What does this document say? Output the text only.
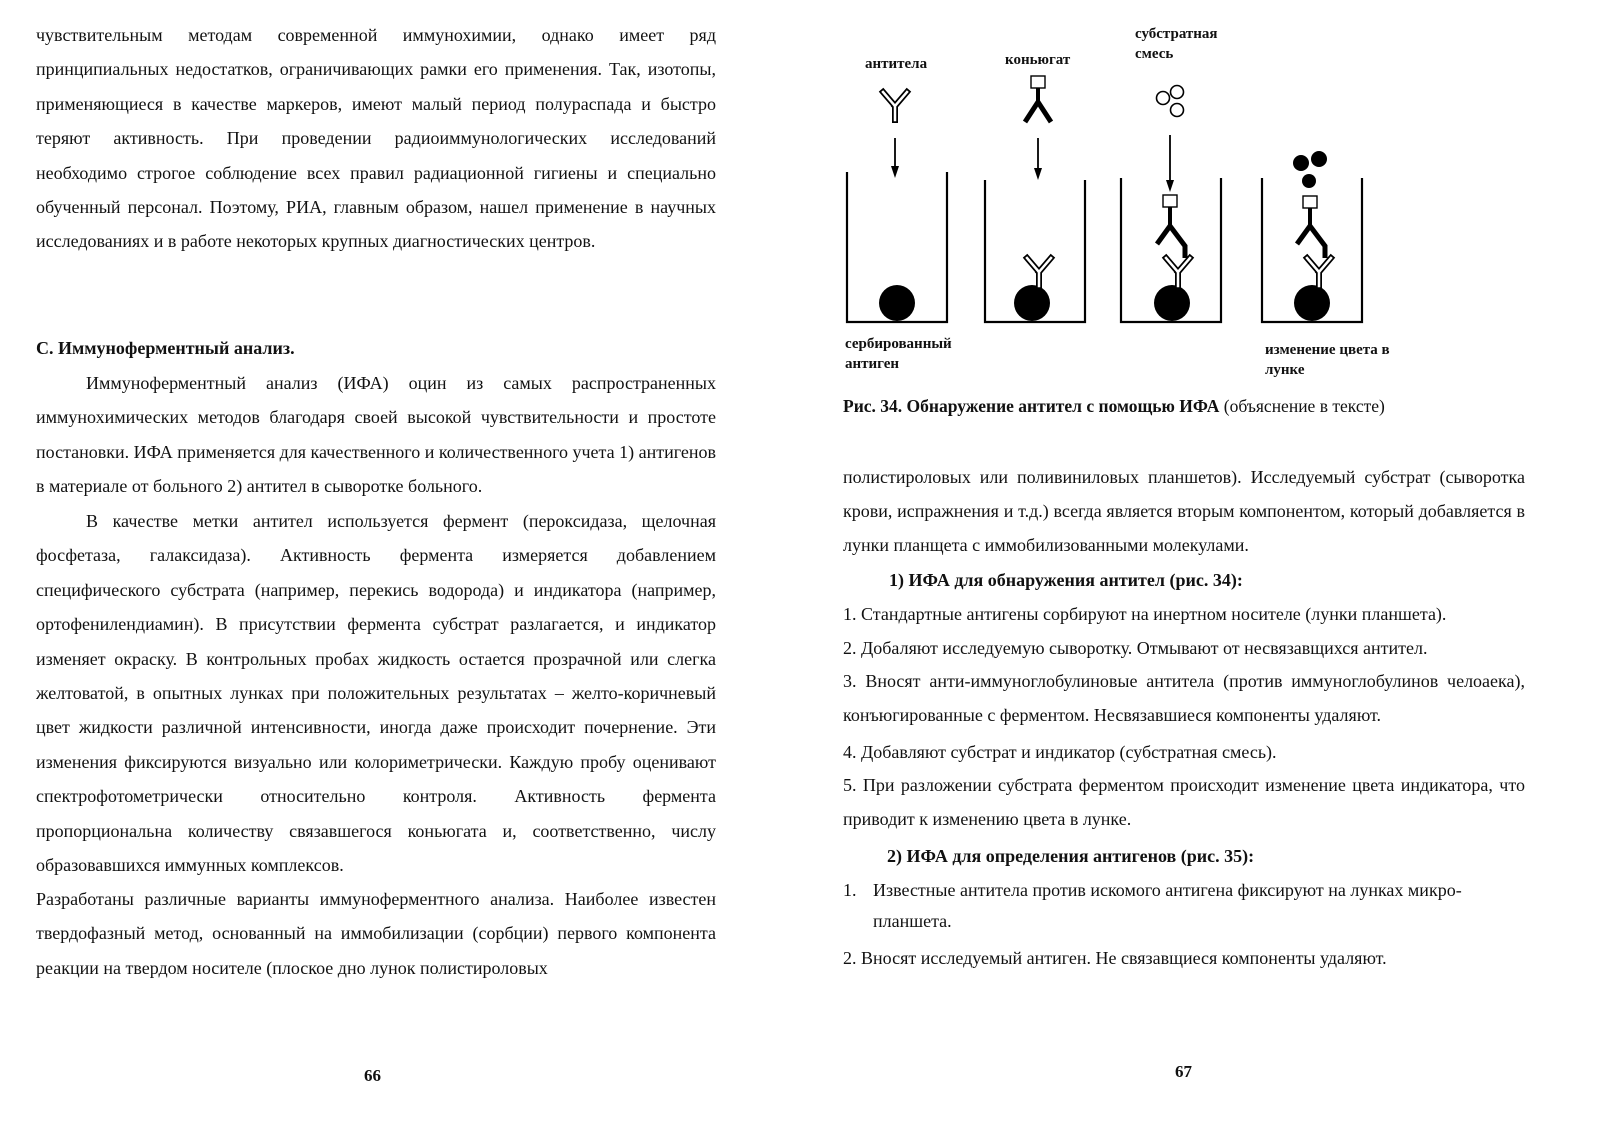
чувствительным методам современной иммунохимии, однако имеет ряд принципиальных недостатков, ограничивающих рамки его применения. Так, изотопы, применяющиеся в качестве маркеров, имеют малый период полураспада и быстро теряют активность. При проведении радиоиммунологических исследований необходимо строгое соблюдение всех правил радиационной гигиены и специально обученный персонал. Поэтому, РИА, главным образом, нашел применение в научных исследованиях и в работе некоторых крупных диагностических центров.

С. Иммуноферментный анализ.

Иммуноферментный анализ (ИФА) оцин из самых распространенных иммунохимических методов благодаря своей высокой чувствительности и простоте постановки. ИФА применяется для качественного и количественного учета 1) антигенов в материале от больного 2) антител в сыворотке больного.

В качестве метки антител используется фермент (пероксидаза, щелочная фосфетаза, галаксидаза). Активность фермента измеряется добавлением специфического субстрата (например, перекись водорода) и индикатора (например, ортофенилендиамин). В присутствии фермента субстрат разлагается, и индикатор изменяет окраску. В контрольных пробах жидкость остается прозрачной или слегка желтоватой, в опытных лунках при положительных результатах – желто-коричневый цвет жидкости различной интенсивности, иногда даже происходит почернение. Эти изменения фиксируются визуально или колориметрически. Каждую пробу оценивают спектрофотометрически относительно контроля. Активность фермента пропорциональна количеству связавшегося коньюгата и, соответственно, числу образовавшихся иммунных комплексов.

Разработаны различные варианты иммуноферментного анализа. Наиболее известен твердофазный метод, основанный на иммобилизации (сорбции) первого компонента реакции на твердом носителе (плоское дно лунок полистироловых

66
антитела	коньюгат
субстратная смесь
сербированный антиген
изменение цвета в лунке

Рис. 34. Обнаружение антител с помощью ИФА (объяснение в тексте)

полистироловых или поливиниловых планшетов). Исследуемый субстрат (сыворотка крови, испражнения и т.д.) всегда является вторым компонентом, который добавляется в лунки планщета с иммобилизованными молекулами.

1) ИФА для обнаружения антител (рис. 34):

1. Стандартные антигены сорбируют на инертном носителе (лунки планшета).

2. Добаляют исследуемую сыворотку. Отмывают от несвязавщихся антител.

3. Вносят анти-иммуноглобулиновые антитела (против иммуноглобулинов челоаека), конъюгированные с ферментом. Несвязавшиеся компоненты удаляют.

4. Добавляют субстрат и индикатор (субстратная смесь).

5. При разложении субстрата ферментом происходит изменение цвета индикатора, что приводит к изменению цвета в лунке.

2) ИФА для определения антигенов (рис. 35):

1. Известные антитела против искомого антигена фиксируют на лунках микро-
планшета.

2. Вносят исследуемый антиген. Не связавщиеся компоненты удаляют.

67
